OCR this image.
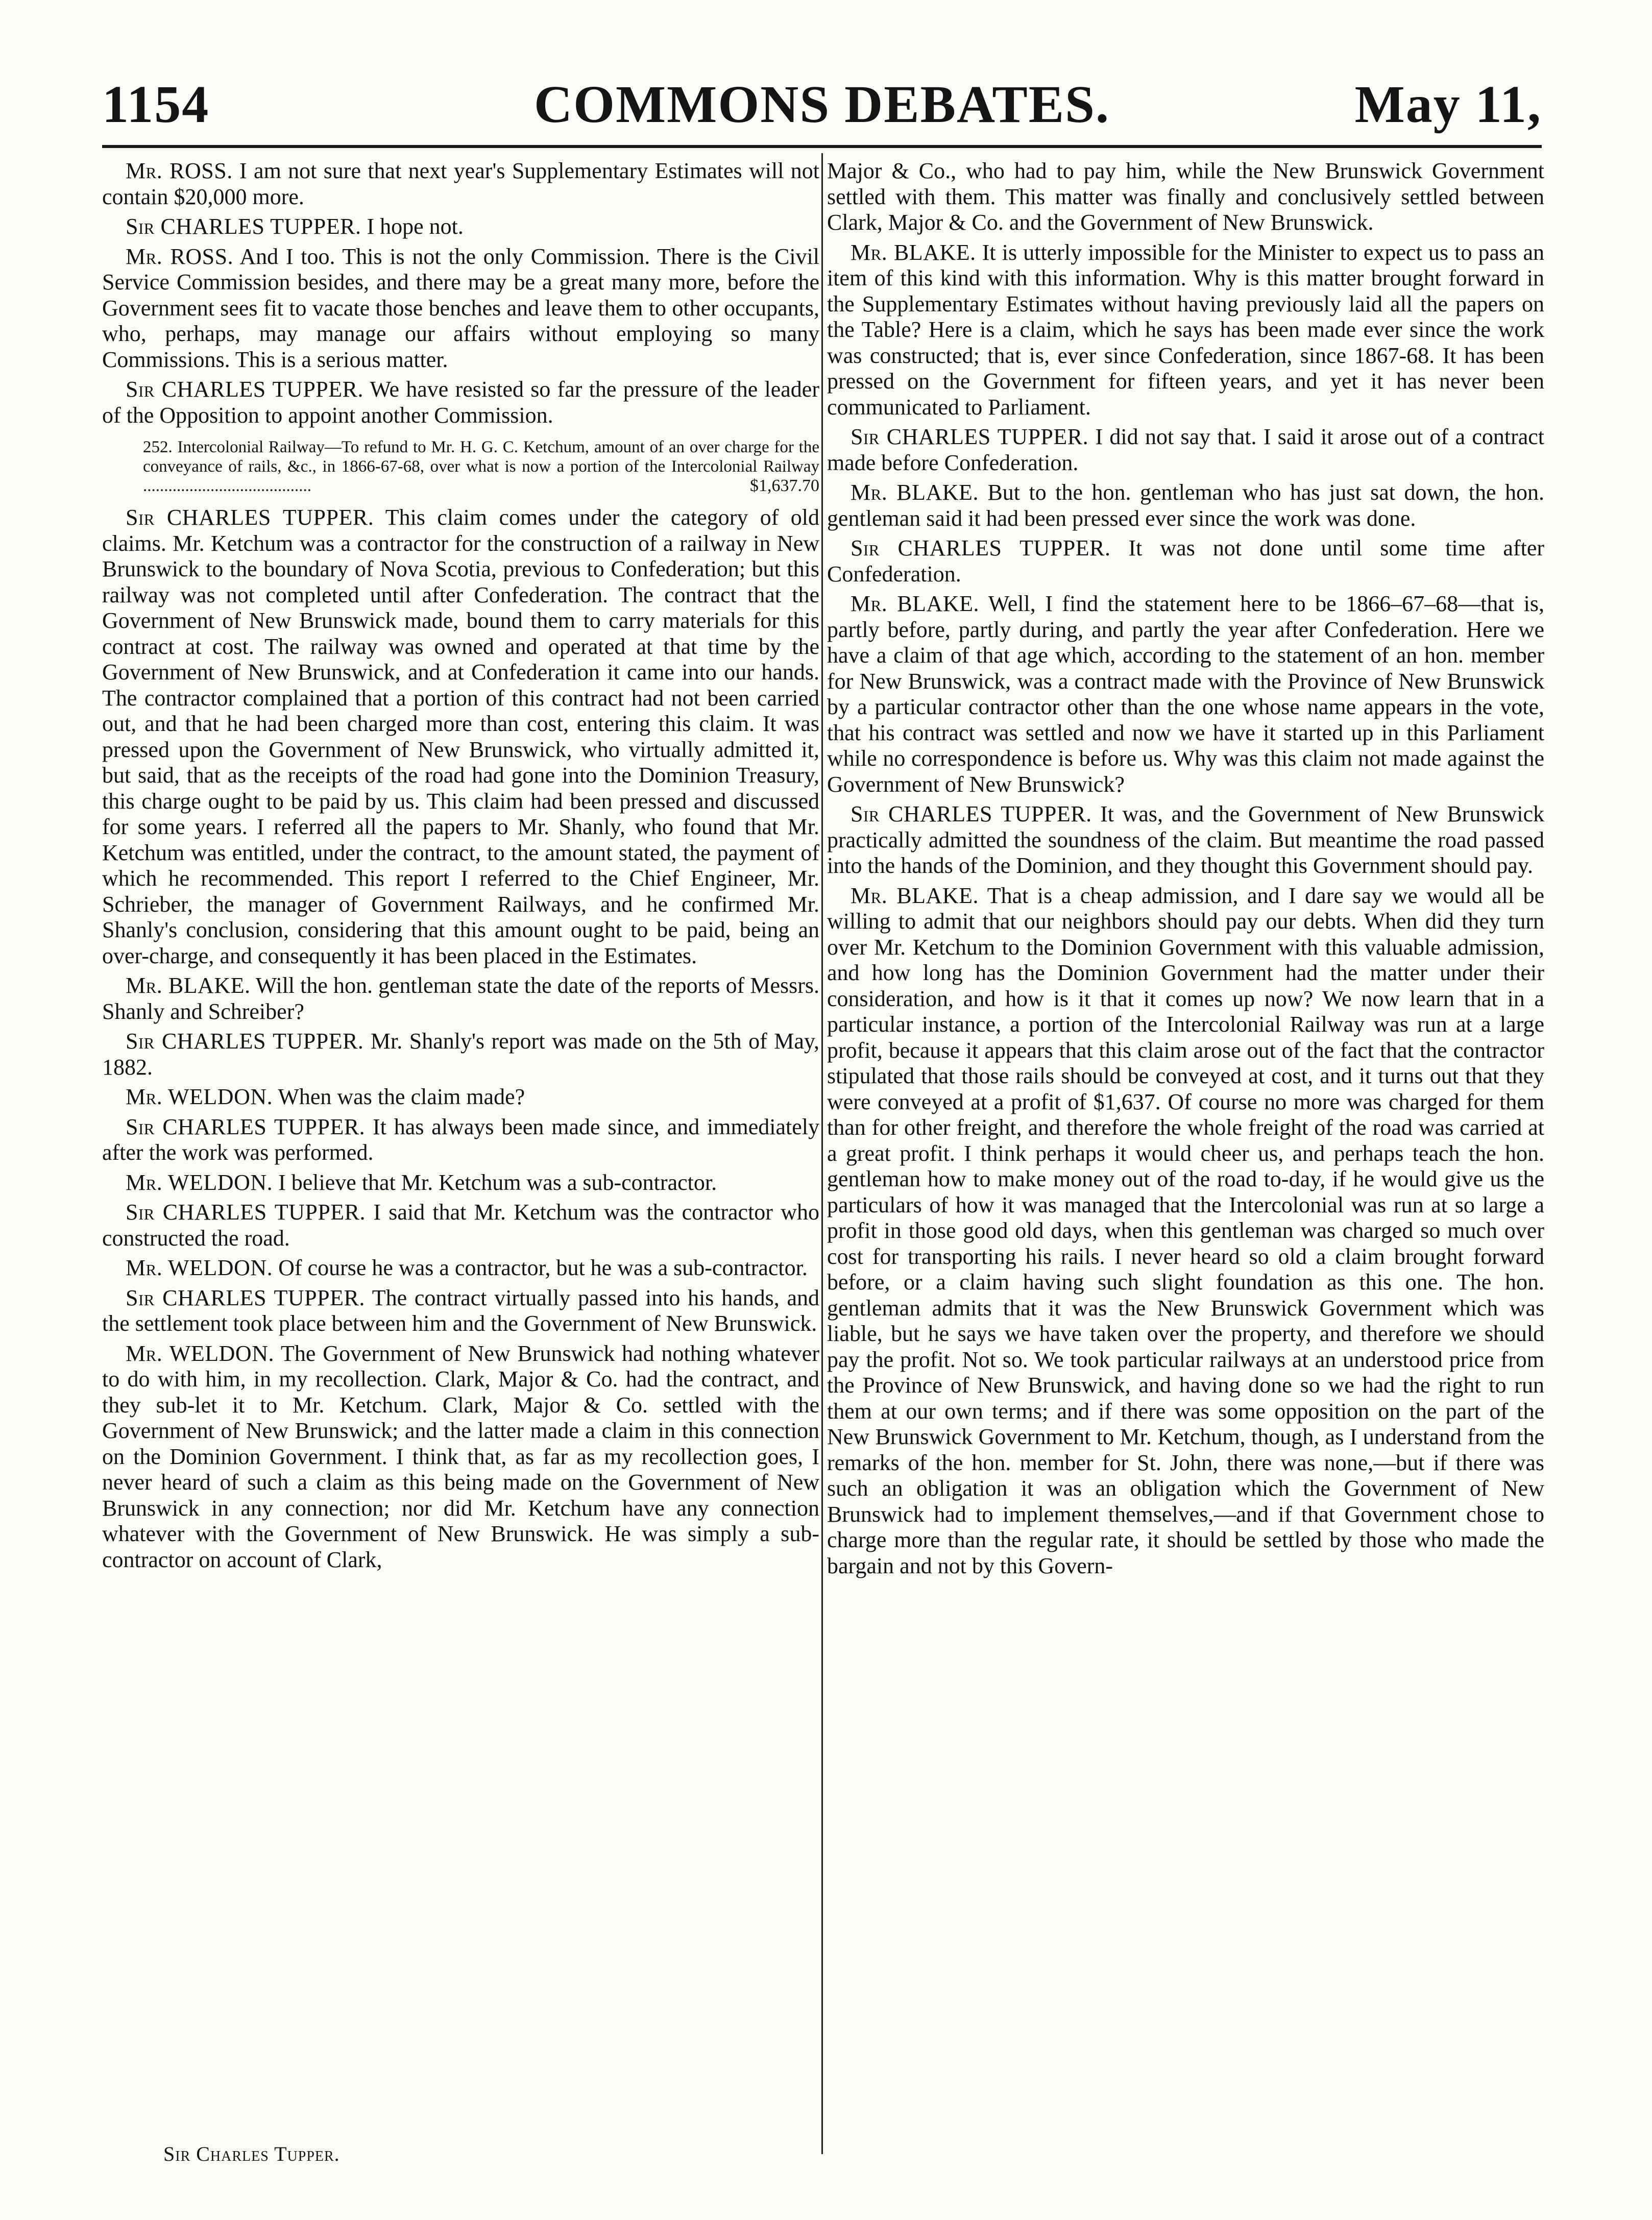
1154	COMMONS DEBATES.	May 11,

Mr. ROSS. I am not sure that next year's Supplementary Estimates will not contain $20,000 more.

Sir CHARLES TUPPER. I hope not.

Mr. ROSS. And I too. This is not the only Commission. There is the Civil Service Commission besides, and there may be a great many more, before the Government sees fit to vacate those benches and leave them to other occupants, who, perhaps, may manage our affairs without employing so many Commissions. This is a serious matter.

Sir CHARLES TUPPER. We have resisted so far the pressure of the leader of the Opposition to appoint another Commission.

252. Intercolonial Railway—To refund to Mr. H. G. C. Ketchum, amount of an over charge for the conveyance of rails, &c., in 1866-67-68, over what is now a portion of the Intercolonial Railway ........................................	$1,637.70

Sir CHARLES TUPPER. This claim comes under the category of old claims. Mr. Ketchum was a contractor for the construction of a railway in New Brunswick to the boundary of Nova Scotia, previous to Confederation; but this railway was not completed until after Confederation. The contract that the Government of New Brunswick made, bound them to carry materials for this contract at cost. The railway was owned and operated at that time by the Government of New Brunswick, and at Confederation it came into our hands. The contractor complained that a portion of this contract had not been carried out, and that he had been charged more than cost, entering this claim. It was pressed upon the Government of New Brunswick, who virtually admitted it, but said, that as the receipts of the road had gone into the Dominion Treasury, this charge ought to be paid by us. This claim had been pressed and discussed for some years. I referred all the papers to Mr. Shanly, who found that Mr. Ketchum was entitled, under the contract, to the amount stated, the payment of which he recommended. This report I referred to the Chief Engineer, Mr. Schrieber, the manager of Government Railways, and he confirmed Mr. Shanly's conclusion, considering that this amount ought to be paid, being an over-charge, and consequently it has been placed in the Estimates.

Mr. BLAKE. Will the hon. gentleman state the date of the reports of Messrs. Shanly and Schreiber?

Sir CHARLES TUPPER. Mr. Shanly's report was made on the 5th of May, 1882.

Mr. WELDON. When was the claim made?

Sir CHARLES TUPPER. It has always been made since, and immediately after the work was performed.

Mr. WELDON. I believe that Mr. Ketchum was a sub-contractor.

Sir CHARLES TUPPER. I said that Mr. Ketchum was the contractor who constructed the road.

Mr. WELDON. Of course he was a contractor, but he was a sub-contractor.

Sir CHARLES TUPPER. The contract virtually passed into his hands, and the settlement took place between him and the Government of New Brunswick.

Mr. WELDON. The Government of New Brunswick had nothing whatever to do with him, in my recollection. Clark, Major & Co. had the contract, and they sub-let it to Mr. Ketchum. Clark, Major & Co. settled with the Government of New Brunswick; and the latter made a claim in this connection on the Dominion Government. I think that, as far as my recollection goes, I never heard of such a claim as this being made on the Government of New Brunswick in any connection; nor did Mr. Ketchum have any connection whatever with the Government of New Brunswick. He was simply a sub-contractor on account of Clark,

Sir Charles Tupper.

Major & Co., who had to pay him, while the New Brunswick Government settled with them. This matter was finally and conclusively settled between Clark, Major & Co. and the Government of New Brunswick.

Mr. BLAKE. It is utterly impossible for the Minister to expect us to pass an item of this kind with this information. Why is this matter brought forward in the Supplementary Estimates without having previously laid all the papers on the Table? Here is a claim, which he says has been made ever since the work was constructed; that is, ever since Confederation, since 1867-68. It has been pressed on the Government for fifteen years, and yet it has never been communicated to Parliament.

Sir CHARLES TUPPER. I did not say that. I said it arose out of a contract made before Confederation.

Mr. BLAKE. But to the hon. gentleman who has just sat down, the hon. gentleman said it had been pressed ever since the work was done.

Sir CHARLES TUPPER. It was not done until some time after Confederation.

Mr. BLAKE. Well, I find the statement here to be 1866–67–68—that is, partly before, partly during, and partly the year after Confederation. Here we have a claim of that age which, according to the statement of an hon. member for New Brunswick, was a contract made with the Province of New Brunswick by a particular contractor other than the one whose name appears in the vote, that his contract was settled and now we have it started up in this Parliament while no correspondence is before us. Why was this claim not made against the Government of New Brunswick?

Sir CHARLES TUPPER. It was, and the Government of New Brunswick practically admitted the soundness of the claim. But meantime the road passed into the hands of the Dominion, and they thought this Government should pay.

Mr. BLAKE. That is a cheap admission, and I dare say we would all be willing to admit that our neighbors should pay our debts. When did they turn over Mr. Ketchum to the Dominion Government with this valuable admission, and how long has the Dominion Government had the matter under their consideration, and how is it that it comes up now? We now learn that in a particular instance, a portion of the Intercolonial Railway was run at a large profit, because it appears that this claim arose out of the fact that the contractor stipulated that those rails should be conveyed at cost, and it turns out that they were conveyed at a profit of $1,637. Of course no more was charged for them than for other freight, and therefore the whole freight of the road was carried at a great profit. I think perhaps it would cheer us, and perhaps teach the hon. gentleman how to make money out of the road to-day, if he would give us the particulars of how it was managed that the Intercolonial was run at so large a profit in those good old days, when this gentleman was charged so much over cost for transporting his rails. I never heard so old a claim brought forward before, or a claim having such slight foundation as this one. The hon. gentleman admits that it was the New Brunswick Government which was liable, but he says we have taken over the property, and therefore we should pay the profit. Not so. We took particular railways at an understood price from the Province of New Brunswick, and having done so we had the right to run them at our own terms; and if there was some opposition on the part of the New Brunswick Government to Mr. Ketchum, though, as I understand from the remarks of the hon. member for St. John, there was none,—but if there was such an obligation it was an obligation which the Government of New Brunswick had to implement themselves,—and if that Government chose to charge more than the regular rate, it should be settled by those who made the bargain and not by this Govern-
